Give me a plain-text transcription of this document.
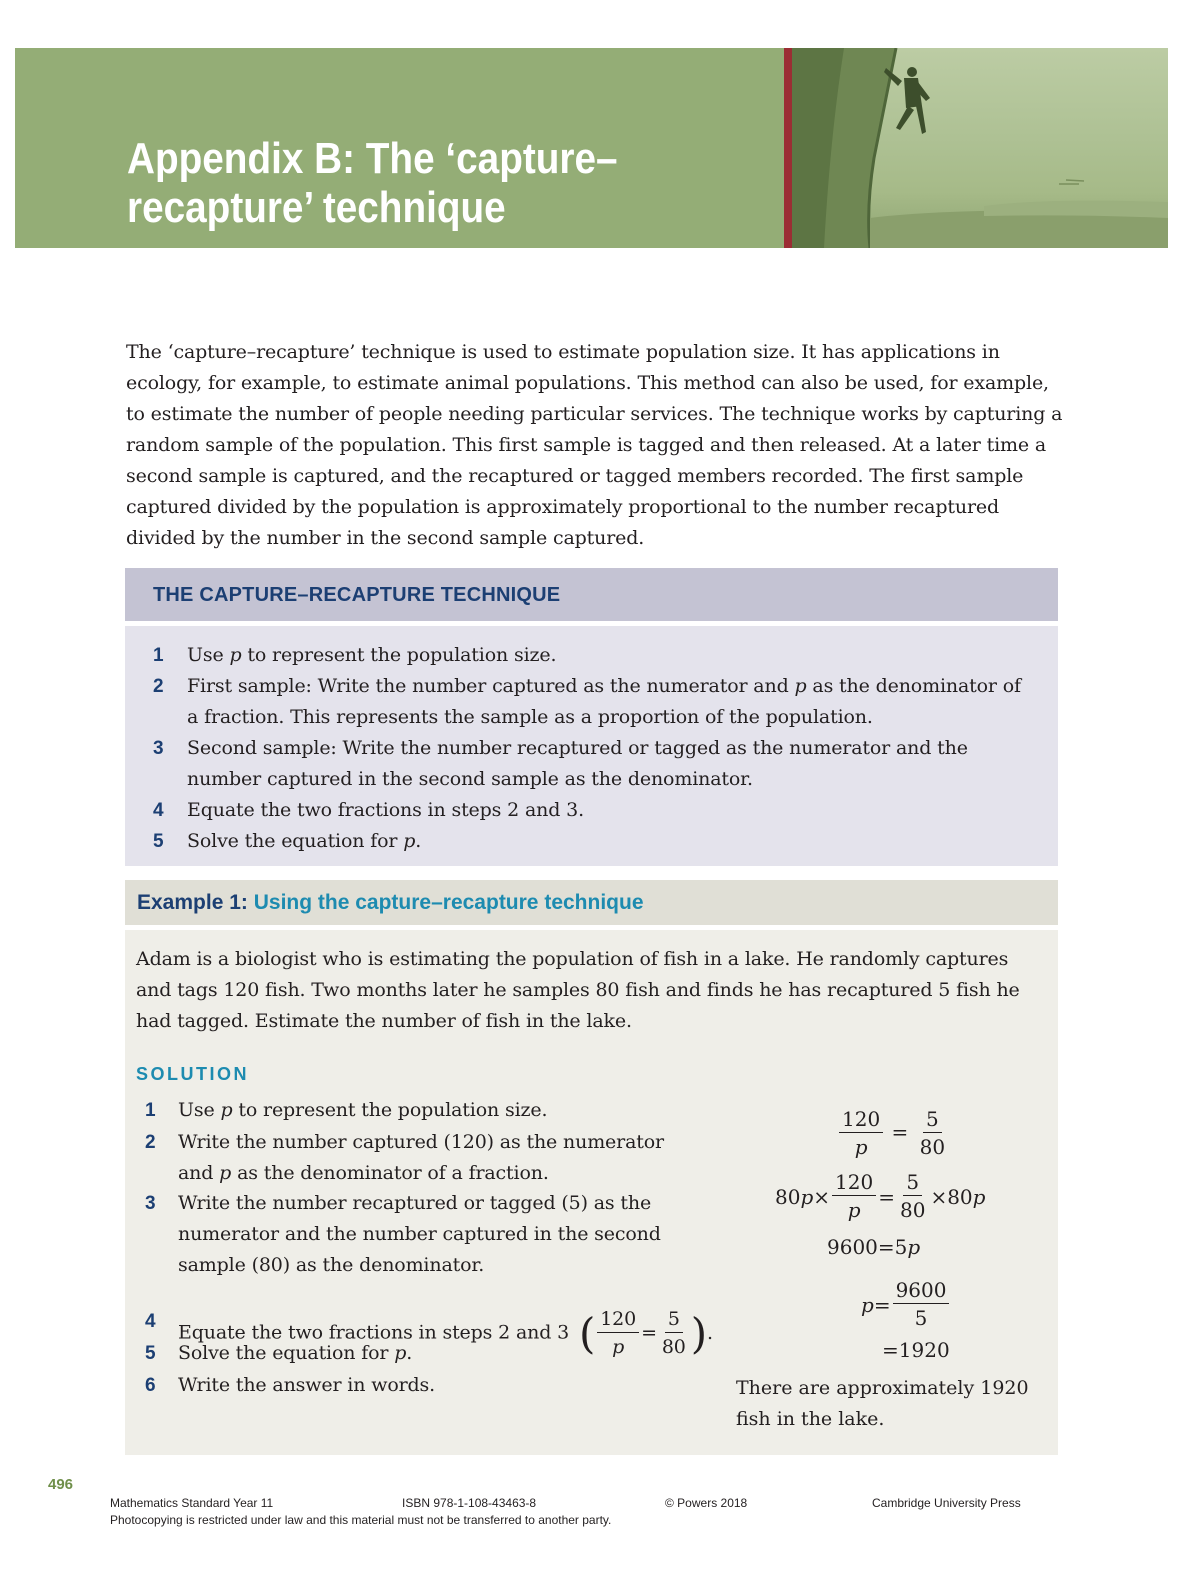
Appendix B: The ‘capture–recapture’ technique

The ‘capture–recapture’ technique is used to estimate population size. It has applications in ecology, for example, to estimate animal populations. This method can also be used, for example, to estimate the number of people needing particular services. The technique works by capturing a random sample of the population. This first sample is tagged and then released. At a later time a second sample is captured, and the recaptured or tagged members recorded. The first sample captured divided by the population is approximately proportional to the number recaptured divided by the number in the second sample captured.

THE CAPTURE–RECAPTURE TECHNIQUE
1 Use p to represent the population size.
2 First sample: Write the number captured as the numerator and p as the denominator of a fraction. This represents the sample as a proportion of the population.
3 Second sample: Write the number recaptured or tagged as the numerator and the number captured in the second sample as the denominator.
4 Equate the two fractions in steps 2 and 3.
5 Solve the equation for p.
Example 1: Using the capture–recapture technique

Adam is a biologist who is estimating the population of fish in a lake. He randomly captures and tags 120 fish. Two months later he samples 80 fish and finds he has recaptured 5 fish he had tagged. Estimate the number of fish in the lake.

SOLUTION
1	Use p to represent the population size.
2	Write the number captured (120) as the numerator and p as the denominator of a fraction.
3	Write the number recaptured or tagged (5) as the numerator and the number captured in the second sample (80) as the denominator.
4	Equate the two fractions in steps 2 and 3 ( $\frac{120}{p} = \frac{5}{80}$ ) .
5	Solve the equation for p.
6	Write the answer in words.
$\frac{120}{p} = \frac{5}{80}$
80 $p \times \frac{120}{p} = \frac{5}{80} \times 80$ p
9600=5p
$p = \frac{9600}{5}$
=1920

There are approximately 1920 fish in the lake.

496
Mathematics Standard Year 11	ISBN 978-1-108-43463-8	© Powers 2018	Cambridge University Press
Photocopying is restricted under law and this material must not be transferred to another party.
